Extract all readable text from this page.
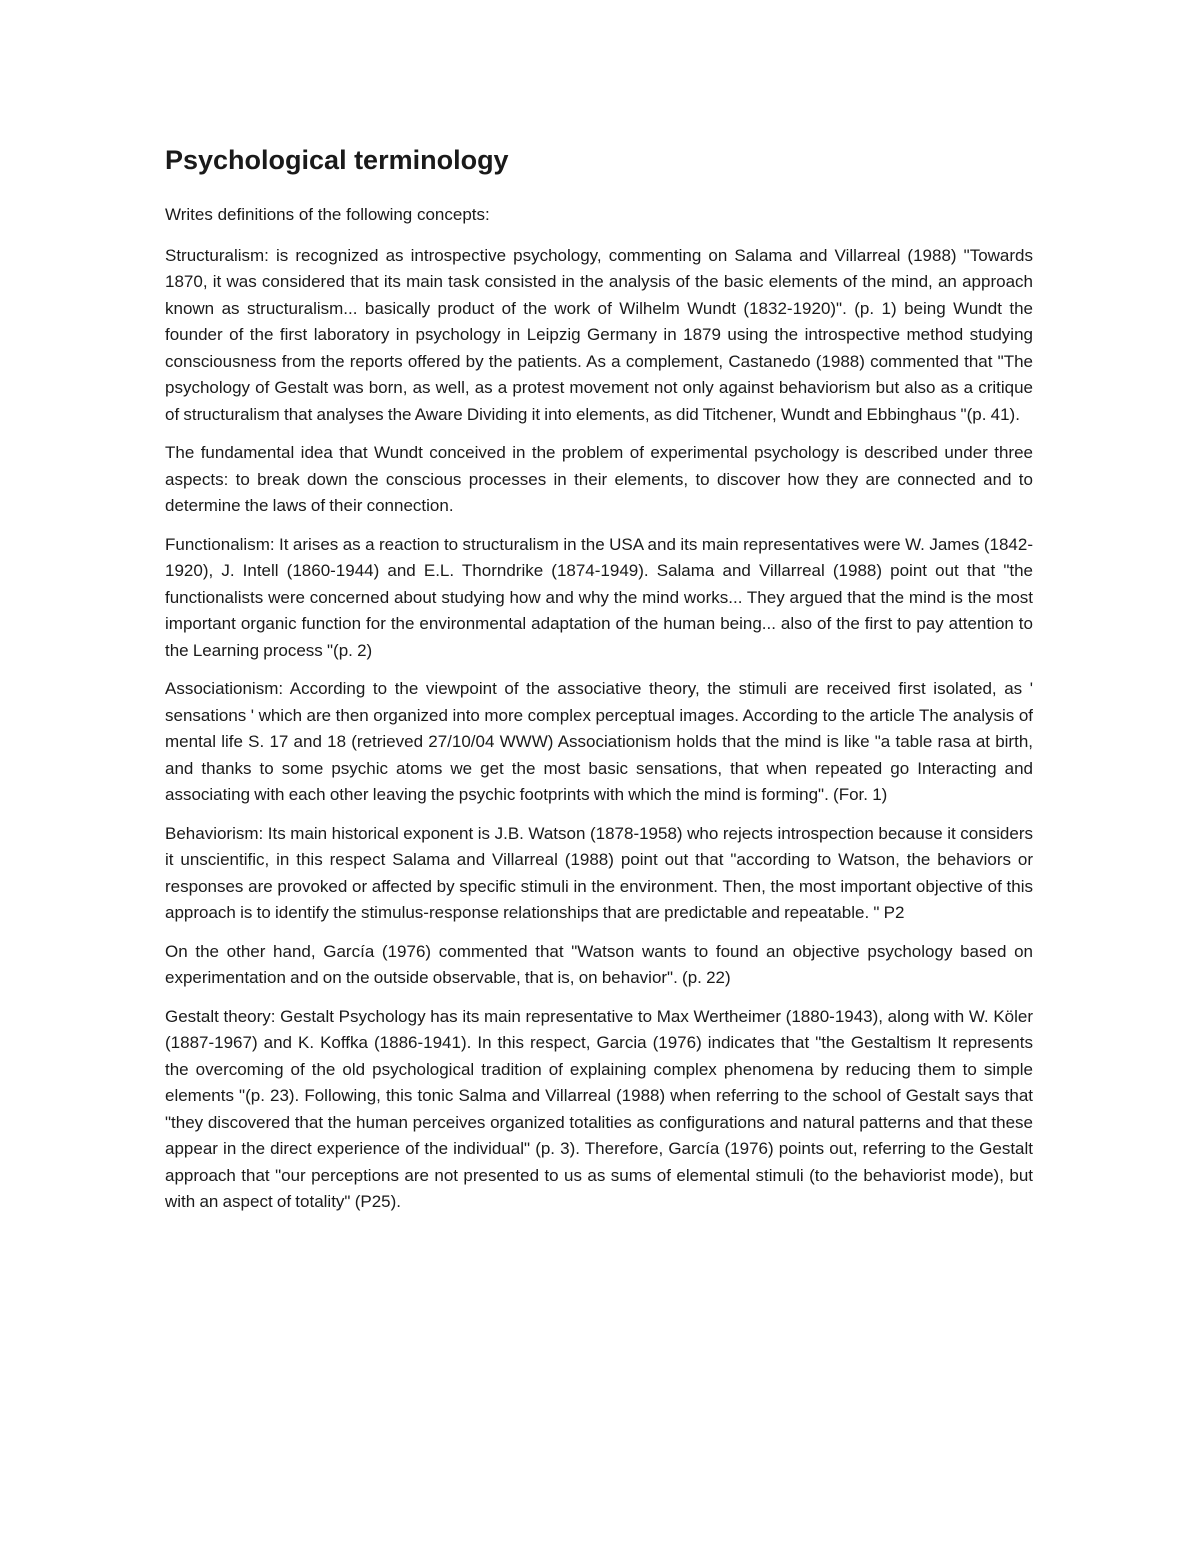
Psychological terminology

Writes definitions of the following concepts:

Structuralism: is recognized as introspective psychology, commenting on Salama and Villarreal (1988) "Towards 1870, it was considered that its main task consisted in the analysis of the basic elements of the mind, an approach known as structuralism... basically product of the work of Wilhelm Wundt (1832-1920)". (p. 1) being Wundt the founder of the first laboratory in psychology in Leipzig Germany in 1879 using the introspective method studying consciousness from the reports offered by the patients. As a complement, Castanedo (1988) commented that "The psychology of Gestalt was born, as well, as a protest movement not only against behaviorism but also as a critique of structuralism that analyses the Aware Dividing it into elements, as did Titchener, Wundt and Ebbinghaus "(p. 41).

The fundamental idea that Wundt conceived in the problem of experimental psychology is described under three aspects: to break down the conscious processes in their elements, to discover how they are connected and to determine the laws of their connection.

Functionalism: It arises as a reaction to structuralism in the USA and its main representatives were W. James (1842-1920), J. Intell (1860-1944) and E.L. Thorndrike (1874-1949). Salama and Villarreal (1988) point out that "the functionalists were concerned about studying how and why the mind works... They argued that the mind is the most important organic function for the environmental adaptation of the human being... also of the first to pay attention to the Learning process "(p. 2)

Associationism: According to the viewpoint of the associative theory, the stimuli are received first isolated, as ' sensations ' which are then organized into more complex perceptual images. According to the article The analysis of mental life S. 17 and 18 (retrieved 27/10/04 WWW) Associationism holds that the mind is like "a table rasa at birth, and thanks to some psychic atoms we get the most basic sensations, that when repeated go Interacting and associating with each other leaving the psychic footprints with which the mind is forming". (For. 1)

Behaviorism: Its main historical exponent is J.B. Watson (1878-1958) who rejects introspection because it considers it unscientific, in this respect Salama and Villarreal (1988) point out that "according to Watson, the behaviors or responses are provoked or affected by specific stimuli in the environment. Then, the most important objective of this approach is to identify the stimulus-response relationships that are predictable and repeatable. " P2

On the other hand, García (1976) commented that "Watson wants to found an objective psychology based on experimentation and on the outside observable, that is, on behavior". (p. 22)

Gestalt theory: Gestalt Psychology has its main representative to Max Wertheimer (1880-1943), along with W. Köler (1887-1967) and K. Koffka (1886-1941). In this respect, Garcia (1976) indicates that "the Gestaltism It represents the overcoming of the old psychological tradition of explaining complex phenomena by reducing them to simple elements "(p. 23). Following, this tonic Salma and Villarreal (1988) when referring to the school of Gestalt says that "they discovered that the human perceives organized totalities as configurations and natural patterns and that these appear in the direct experience of the individual" (p. 3). Therefore, García (1976) points out, referring to the Gestalt approach that "our perceptions are not presented to us as sums of elemental stimuli (to the behaviorist mode), but with an aspect of totality" (P25).
